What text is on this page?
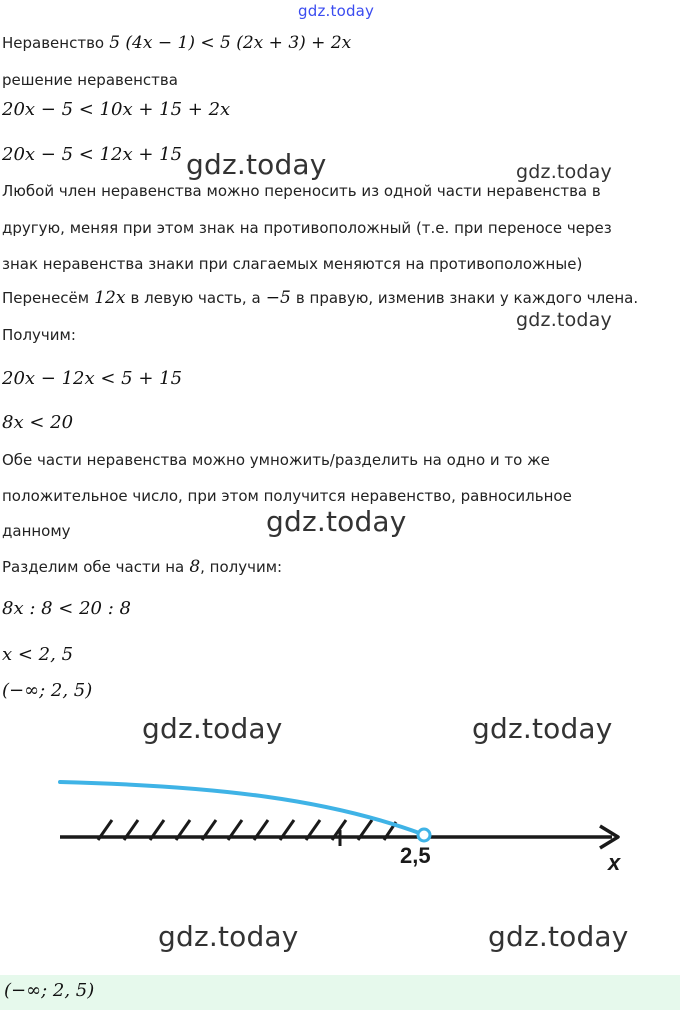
gdz.today
gdz.today	gdz.today
gdz.today
gdz.today
gdz.today	gdz.today
gdz.today	gdz.today
Неравенство 5 (4x − 1) < 5 (2x + 3) + 2x
решение неравенства
20x − 5 < 10x + 15 + 2x
20x − 5 < 12x + 15
Любой член неравенства можно переносить из одной части неравенства в
другую, меняя при этом знак на противоположный (т.е. при переносе через
знак неравенства знаки при слагаемых меняются на противоположные)
Перенесём 12x в левую часть, а −5 в правую, изменив знаки у каждого члена.
Получим:
20x − 12x < 5 + 15
8x < 20
Обе части неравенства можно умножить/разделить на одно и то же
положительное число, при этом получится неравенство, равносильное
данному
Разделим обе части на 8, получим:
8x : 8 < 20 : 8
x < 2, 5
(−∞; 2, 5)
2,5	x
(−∞; 2, 5)
